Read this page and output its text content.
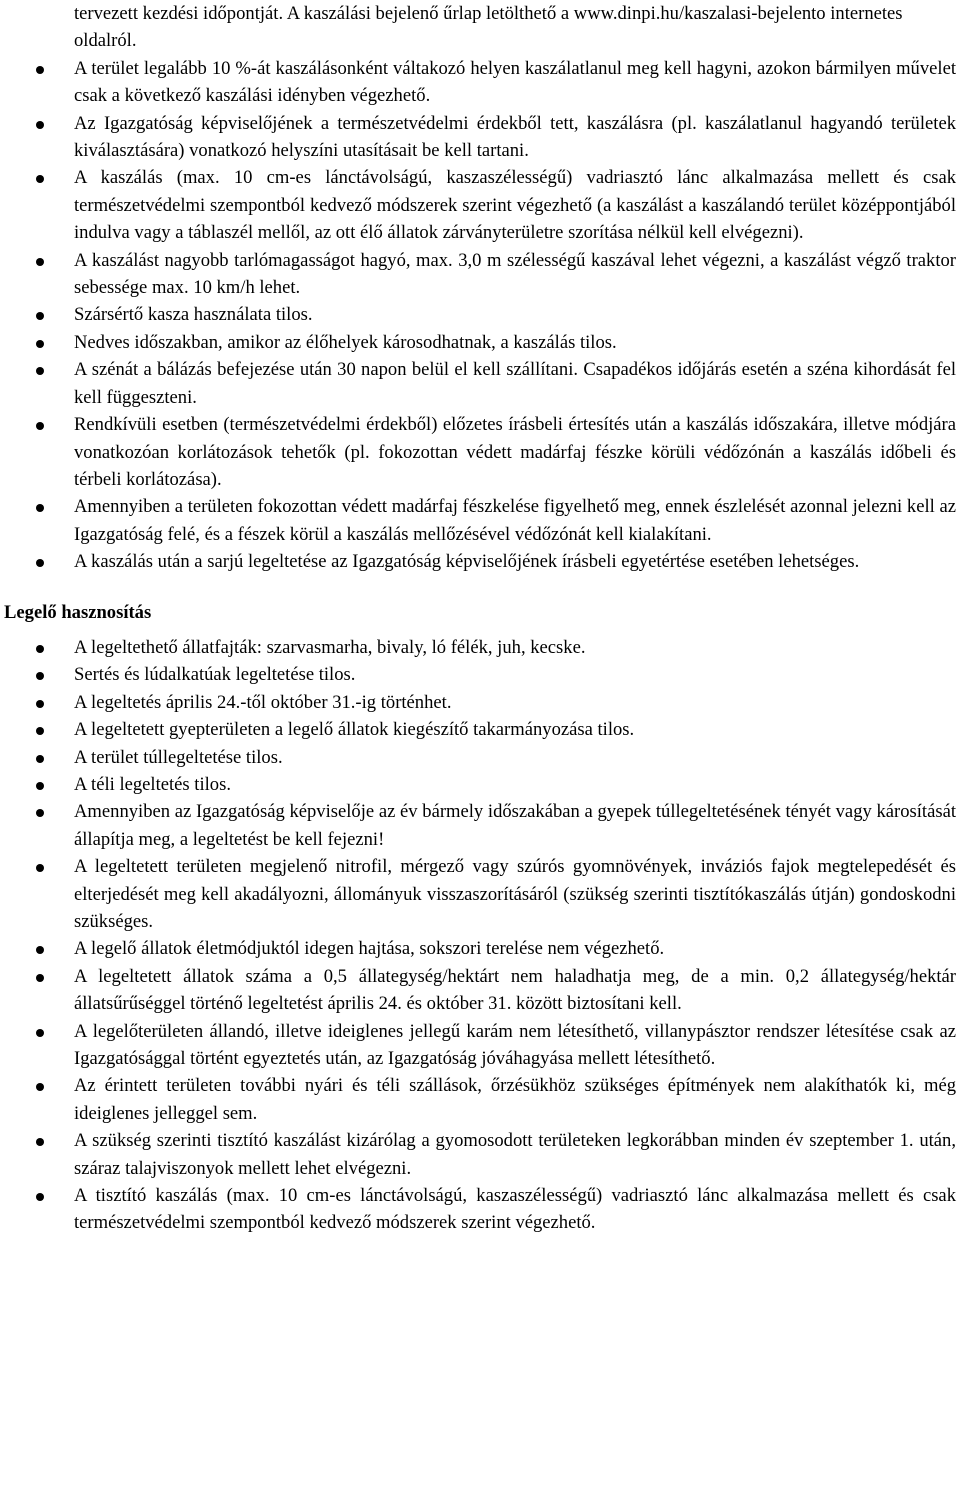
tervezett kezdési időpontját. A kaszálási bejelenő űrlap letölthető a www.dinpi.hu/kaszalasi-bejelento internetes oldalról.
A terület legalább 10 %-át kaszálásonként váltakozó helyen kaszálatlanul meg kell hagyni, azokon bármilyen művelet csak a következő kaszálási idényben végezhető.
Az Igazgatóság képviselőjének a természetvédelmi érdekből tett, kaszálásra (pl. kaszálatlanul hagyandó területek kiválasztására) vonatkozó helyszíni utasításait be kell tartani.
A kaszálás (max. 10 cm-es lánctávolságú, kaszaszélességű) vadriasztó lánc alkalmazása mellett és csak természetvédelmi szempontból kedvező módszerek szerint végezhető (a kaszálást a kaszálandó terület középpontjából indulva vagy a táblaszél mellől, az ott élő állatok zárványterületre szorítása nélkül kell elvégezni).
A kaszálást nagyobb tarlómagasságot hagyó, max. 3,0 m szélességű kaszával lehet végezni, a kaszálást végző traktor sebessége max. 10 km/h lehet.
Szársértő kasza használata tilos.
Nedves időszakban, amikor az élőhelyek károsodhatnak, a kaszálás tilos.
A szénát a bálázás befejezése után 30 napon belül el kell szállítani. Csapadékos időjárás esetén a széna kihordását fel kell függeszteni.
Rendkívüli esetben (természetvédelmi érdekből) előzetes írásbeli értesítés után a kaszálás időszakára, illetve módjára vonatkozóan korlátozások tehetők (pl. fokozottan védett madárfaj fészke körüli védőzónán a kaszálás időbeli és térbeli korlátozása).
Amennyiben a területen fokozottan védett madárfaj fészkelése figyelhető meg, ennek észlelését azonnal jelezni kell az Igazgatóság felé, és a fészek körül a kaszálás mellőzésével védőzónát kell kialakítani.
A kaszálás után a sarjú legeltetése az Igazgatóság képviselőjének írásbeli egyetértése esetében lehetséges.
Legelő hasznosítás
A legeltethető állatfajták: szarvasmarha, bivaly, ló félék, juh, kecske.
Sertés és lúdalkatúak legeltetése tilos.
A legeltetés április 24.-től október 31.-ig történhet.
A legeltetett gyepterületen a legelő állatok kiegészítő takarmányozása tilos.
A terület túllegeltetése tilos.
A téli legeltetés tilos.
Amennyiben az Igazgatóság képviselője az év bármely időszakában a gyepek túllegeltetésének tényét vagy károsítását állapítja meg, a legeltetést be kell fejezni!
A legeltetett területen megjelenő nitrofil, mérgező vagy szúrós gyomnövények, inváziós fajok megtelepedését és elterjedését meg kell akadályozni, állományuk visszaszorításáról (szükség szerinti tisztítókaszálás útján) gondoskodni szükséges.
A legelő állatok életmódjuktól idegen hajtása, sokszori terelése nem végezhető.
A legeltetett állatok száma a 0,5 állategység/hektárt nem haladhatja meg, de a min. 0,2 állategység/hektár állatsűrűséggel történő legeltetést április 24. és október 31. között biztosítani kell.
A legelőterületen állandó, illetve ideiglenes jellegű karám nem létesíthető, villanypásztor rendszer létesítése csak az Igazgatósággal történt egyeztetés után, az Igazgatóság jóváhagyása mellett létesíthető.
Az érintett területen további nyári és téli szállások, őrzésükhöz szükséges építmények nem alakíthatók ki, még ideiglenes jelleggel sem.
A szükség szerinti tisztító kaszálást kizárólag a gyomosodott területeken legkorábban minden év szeptember 1. után, száraz talajviszonyok mellett lehet elvégezni.
A tisztító kaszálás (max. 10 cm-es lánctávolságú, kaszaszélességű) vadriasztó lánc alkalmazása mellett és csak természetvédelmi szempontból kedvező módszerek szerint végezhető.
